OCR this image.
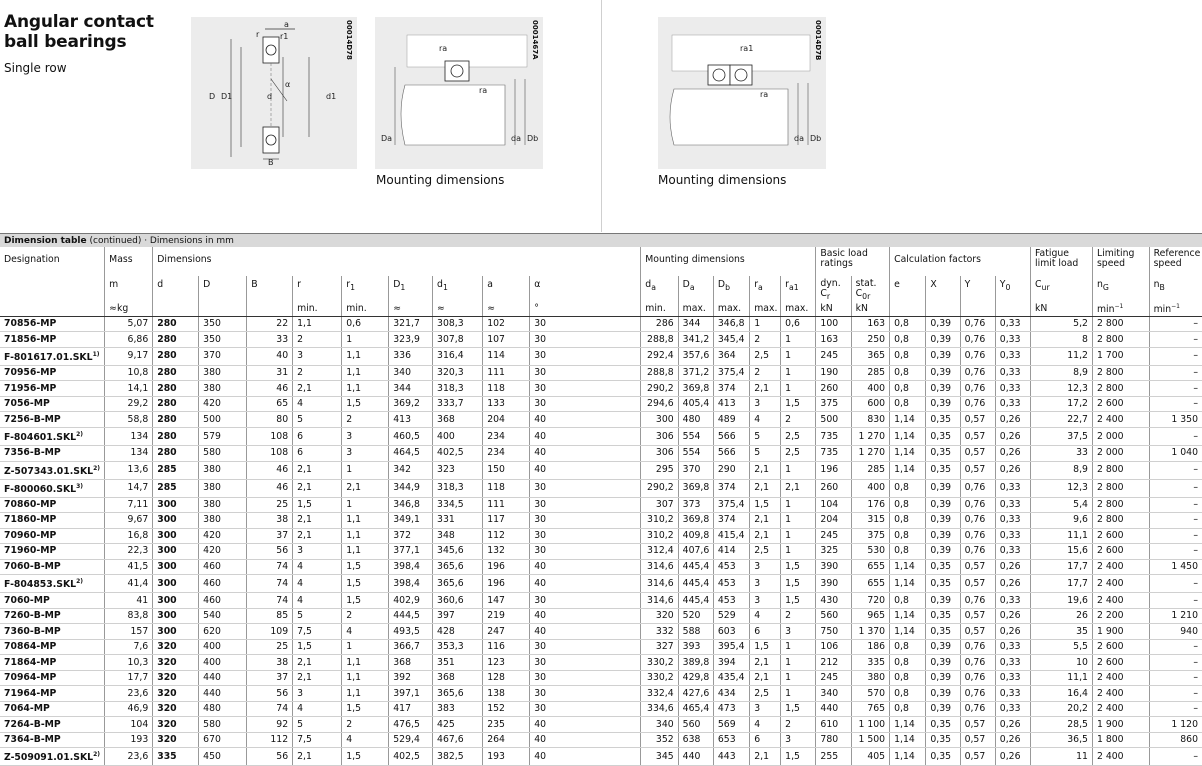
Angular contact
ball bearings
Single row
a
r	r1
D D1	d	d1
α
B
00014D78	ra
ra
Da	da Db
0001467A
Mounting dimensions
ra1
ra
da Db
00014D7B
Mounting dimensions
Dimension table (continued) · Dimensions in mm																								
Designation	Mass	Dimensions									Mounting dimensions					Basic load
ratings		Calculation factors				Fatigue
limit load	Limiting
speed	Reference
speed
	m	d	D	B	r	$r_1$	$D_1$	$d_1$	a	α	$d_a$	$D_a$	$D_b$	$r_a$	$r_{a1}$	dyn.
$C_r$	stat.
$C_{0r}$	e	X	Y	$Y_0$	$C_{ur}$	$n_G$	$n_B$
	≈kg				min.	min.	≈	≈	≈	°	min.	max.	max.	max.	max.	kN	kN					kN	$\min^{-1}$	$\min^{-1}$
70856-MP	5,07	280	350	22	1,1	0,6	321,7	308,3	102	30	286	344	346,8	1	0,6	100	163	0,8	0,39	0,76	0,33	5,2	2 800	–
71856-MP	6,86	280	350	33	2	1	323,9	307,8	107	30	288,8	341,2	345,4	2	1	163	250	0,8	0,39	0,76	0,33	8	2 800	–
F-801617.01.SKL$^{1)}$	9,17	280	370	40	3	1,1	336	316,4	114	30	292,4	357,6	364	2,5	1	245	365	0,8	0,39	0,76	0,33	11,2	1 700	–
70956-MP	10,8	280	380	31	2	1,1	340	320,3	111	30	288,8	371,2	375,4	2	1	190	285	0,8	0,39	0,76	0,33	8,9	2 800	–
71956-MP	14,1	280	380	46	2,1	1,1	344	318,3	118	30	290,2	369,8	374	2,1	1	260	400	0,8	0,39	0,76	0,33	12,3	2 800	–
7056-MP	29,2	280	420	65	4	1,5	369,2	333,7	133	30	294,6	405,4	413	3	1,5	375	600	0,8	0,39	0,76	0,33	17,2	2 600	–
7256-B-MP	58,8	280	500	80	5	2	413	368	204	40	300	480	489	4	2	500	830	1,14	0,35	0,57	0,26	22,7	2 400	1 350
F-804601.SKL$^{2)}$	134	280	579	108	6	3	460,5	400	234	40	306	554	566	5	2,5	735	1 270	1,14	0,35	0,57	0,26	37,5	2 000	–
7356-B-MP	134	280	580	108	6	3	464,5	402,5	234	40	306	554	566	5	2,5	735	1 270	1,14	0,35	0,57	0,26	33	2 000	1 040
Z-507343.01.SKL$^{2)}$	13,6	285	380	46	2,1	1	342	323	150	40	295	370	290	2,1	1	196	285	1,14	0,35	0,57	0,26	8,9	2 800	–
F-800060.SKL$^{3)}$	14,7	285	380	46	2,1	2,1	344,9	318,3	118	30	290,2	369,8	374	2,1	2,1	260	400	0,8	0,39	0,76	0,33	12,3	2 800	–
70860-MP	7,11	300	380	25	1,5	1	346,8	334,5	111	30	307	373	375,4	1,5	1	104	176	0,8	0,39	0,76	0,33	5,4	2 800	–
71860-MP	9,67	300	380	38	2,1	1,1	349,1	331	117	30	310,2	369,8	374	2,1	1	204	315	0,8	0,39	0,76	0,33	9,6	2 800	–
70960-MP	16,8	300	420	37	2,1	1,1	372	348	112	30	310,2	409,8	415,4	2,1	1	245	375	0,8	0,39	0,76	0,33	11,1	2 600	–
71960-MP	22,3	300	420	56	3	1,1	377,1	345,6	132	30	312,4	407,6	414	2,5	1	325	530	0,8	0,39	0,76	0,33	15,6	2 600	–
7060-B-MP	41,5	300	460	74	4	1,5	398,4	365,6	196	40	314,6	445,4	453	3	1,5	390	655	1,14	0,35	0,57	0,26	17,7	2 400	1 450
F-804853.SKL$^{2)}$	41,4	300	460	74	4	1,5	398,4	365,6	196	40	314,6	445,4	453	3	1,5	390	655	1,14	0,35	0,57	0,26	17,7	2 400	–
7060-MP	41	300	460	74	4	1,5	402,9	360,6	147	30	314,6	445,4	453	3	1,5	430	720	0,8	0,39	0,76	0,33	19,6	2 400	–
7260-B-MP	83,8	300	540	85	5	2	444,5	397	219	40	320	520	529	4	2	560	965	1,14	0,35	0,57	0,26	26	2 200	1 210
7360-B-MP	157	300	620	109	7,5	4	493,5	428	247	40	332	588	603	6	3	750	1 370	1,14	0,35	0,57	0,26	35	1 900	940
70864-MP	7,6	320	400	25	1,5	1	366,7	353,3	116	30	327	393	395,4	1,5	1	106	186	0,8	0,39	0,76	0,33	5,5	2 600	–
71864-MP	10,3	320	400	38	2,1	1,1	368	351	123	30	330,2	389,8	394	2,1	1	212	335	0,8	0,39	0,76	0,33	10	2 600	–
70964-MP	17,7	320	440	37	2,1	1,1	392	368	128	30	330,2	429,8	435,4	2,1	1	245	380	0,8	0,39	0,76	0,33	11,1	2 400	–
71964-MP	23,6	320	440	56	3	1,1	397,1	365,6	138	30	332,4	427,6	434	2,5	1	340	570	0,8	0,39	0,76	0,33	16,4	2 400	–
7064-MP	46,9	320	480	74	4	1,5	417	383	152	30	334,6	465,4	473	3	1,5	440	765	0,8	0,39	0,76	0,33	20,2	2 400	–
7264-B-MP	104	320	580	92	5	2	476,5	425	235	40	340	560	569	4	2	610	1 100	1,14	0,35	0,57	0,26	28,5	1 900	1 120
7364-B-MP	193	320	670	112	7,5	4	529,4	467,6	264	40	352	638	653	6	3	780	1 500	1,14	0,35	0,57	0,26	36,5	1 800	860
Z-509091.01.SKL$^{2)}$	23,6	335	450	56	2,1	1,5	402,5	382,5	193	40	345	440	443	2,1	1,5	255	405	1,14	0,35	0,57	0,26	11	2 400	–
